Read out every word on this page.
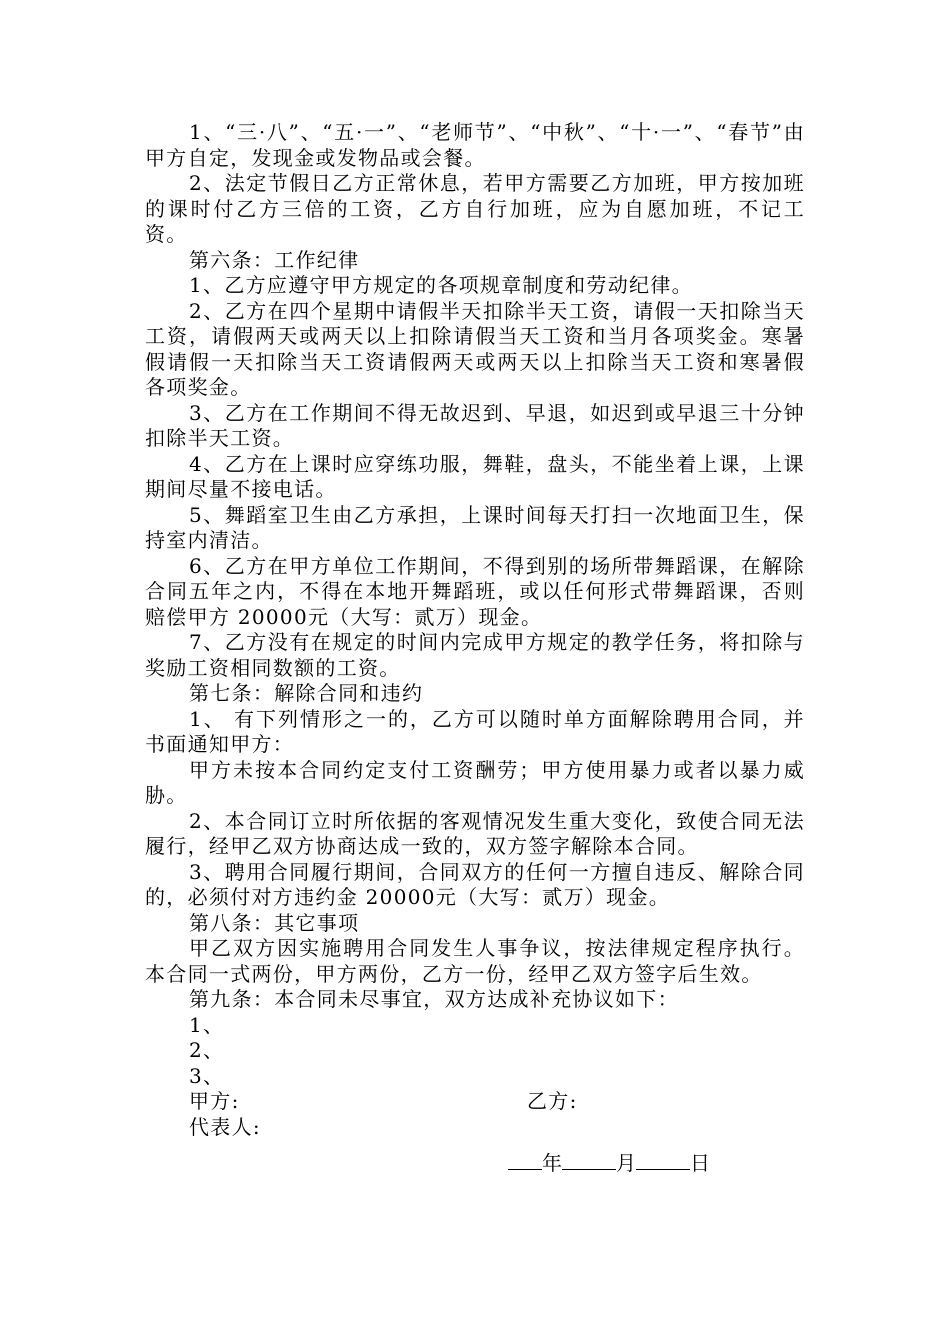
1、“三·八”、“五·一”、“老师节”、“中秋”、“十·一”、“春节”由甲方自定，发现金或发物品或会餐。

2、法定节假日乙方正常休息，若甲方需要乙方加班，甲方按加班的课时付乙方三倍的工资，乙方自行加班，应为自愿加班，不记工资。

第六条：工作纪律

1、乙方应遵守甲方规定的各项规章制度和劳动纪律。

2、乙方在四个星期中请假半天扣除半天工资，请假一天扣除当天工资，请假两天或两天以上扣除请假当天工资和当月各项奖金。寒暑假请假一天扣除当天工资请假两天或两天以上扣除当天工资和寒暑假各项奖金。

3、乙方在工作期间不得无故迟到、早退，如迟到或早退三十分钟扣除半天工资。

4、乙方在上课时应穿练功服，舞鞋，盘头，不能坐着上课，上课期间尽量不接电话。

5、舞蹈室卫生由乙方承担，上课时间每天打扫一次地面卫生，保持室内清洁。

6、乙方在甲方单位工作期间，不得到别的场所带舞蹈课，在解除合同五年之内，不得在本地开舞蹈班，或以任何形式带舞蹈课，否则赔偿甲方 20000元（大写：贰万）现金。

7、乙方没有在规定的时间内完成甲方规定的教学任务，将扣除与奖励工资相同数额的工资。

第七条：解除合同和违约

1、 有下列情形之一的，乙方可以随时单方面解除聘用合同，并书面通知甲方：

甲方未按本合同约定支付工资酬劳；甲方使用暴力或者以暴力威胁。

2、本合同订立时所依据的客观情况发生重大变化，致使合同无法履行，经甲乙双方协商达成一致的，双方签字解除本合同。

3、聘用合同履行期间，合同双方的任何一方擅自违反、解除合同的，必须付对方违约金 20000元（大写：贰万）现金。

第八条：其它事项

甲乙双方因实施聘用合同发生人事争议，按法律规定程序执行。本合同一式两份，甲方两份，乙方一份，经甲乙双方签字后生效。

第九条：本合同未尽事宜，双方达成补充协议如下：

1、

2、

3、

甲方:	乙方:
代表人:
年	月	日
